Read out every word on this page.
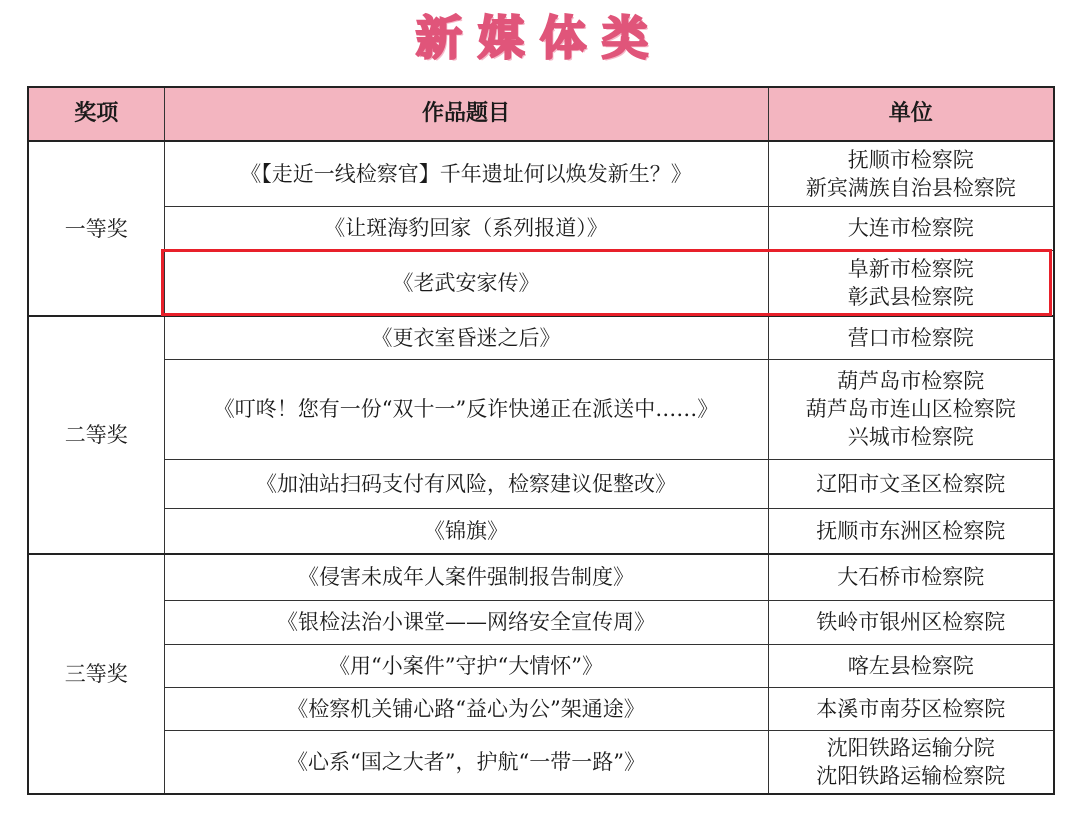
新媒体类
奖项	作品题目	单位
一等奖	《【走近一线检察官】千年遗址何以焕发新生？》	抚顺市检察院
新宾满族自治县检察院

	《让斑海豹回家（系列报道）》	大连市检察院

	《老武安家传》	阜新市检察院
彰武县检察院

二等奖	《更衣室昏迷之后》	营口市检察院

	《叮咚！您有一份“双十一”反诈快递正在派送中……》	葫芦岛市检察院
葫芦岛市连山区检察院
兴城市检察院

	《加油站扫码支付有风险，检察建议促整改》	辽阳市文圣区检察院

	《锦旗》	抚顺市东洲区检察院

三等奖	《侵害未成年人案件强制报告制度》	大石桥市检察院

	《银检法治小课堂——网络安全宣传周》	铁岭市银州区检察院

	《用“小案件”守护“大情怀”》	喀左县检察院

	《检察机关铺心路“益心为公”架通途》	本溪市南芬区检察院

	《心系“国之大者”，护航“一带一路”》	沈阳铁路运输分院
沈阳铁路运输检察院
